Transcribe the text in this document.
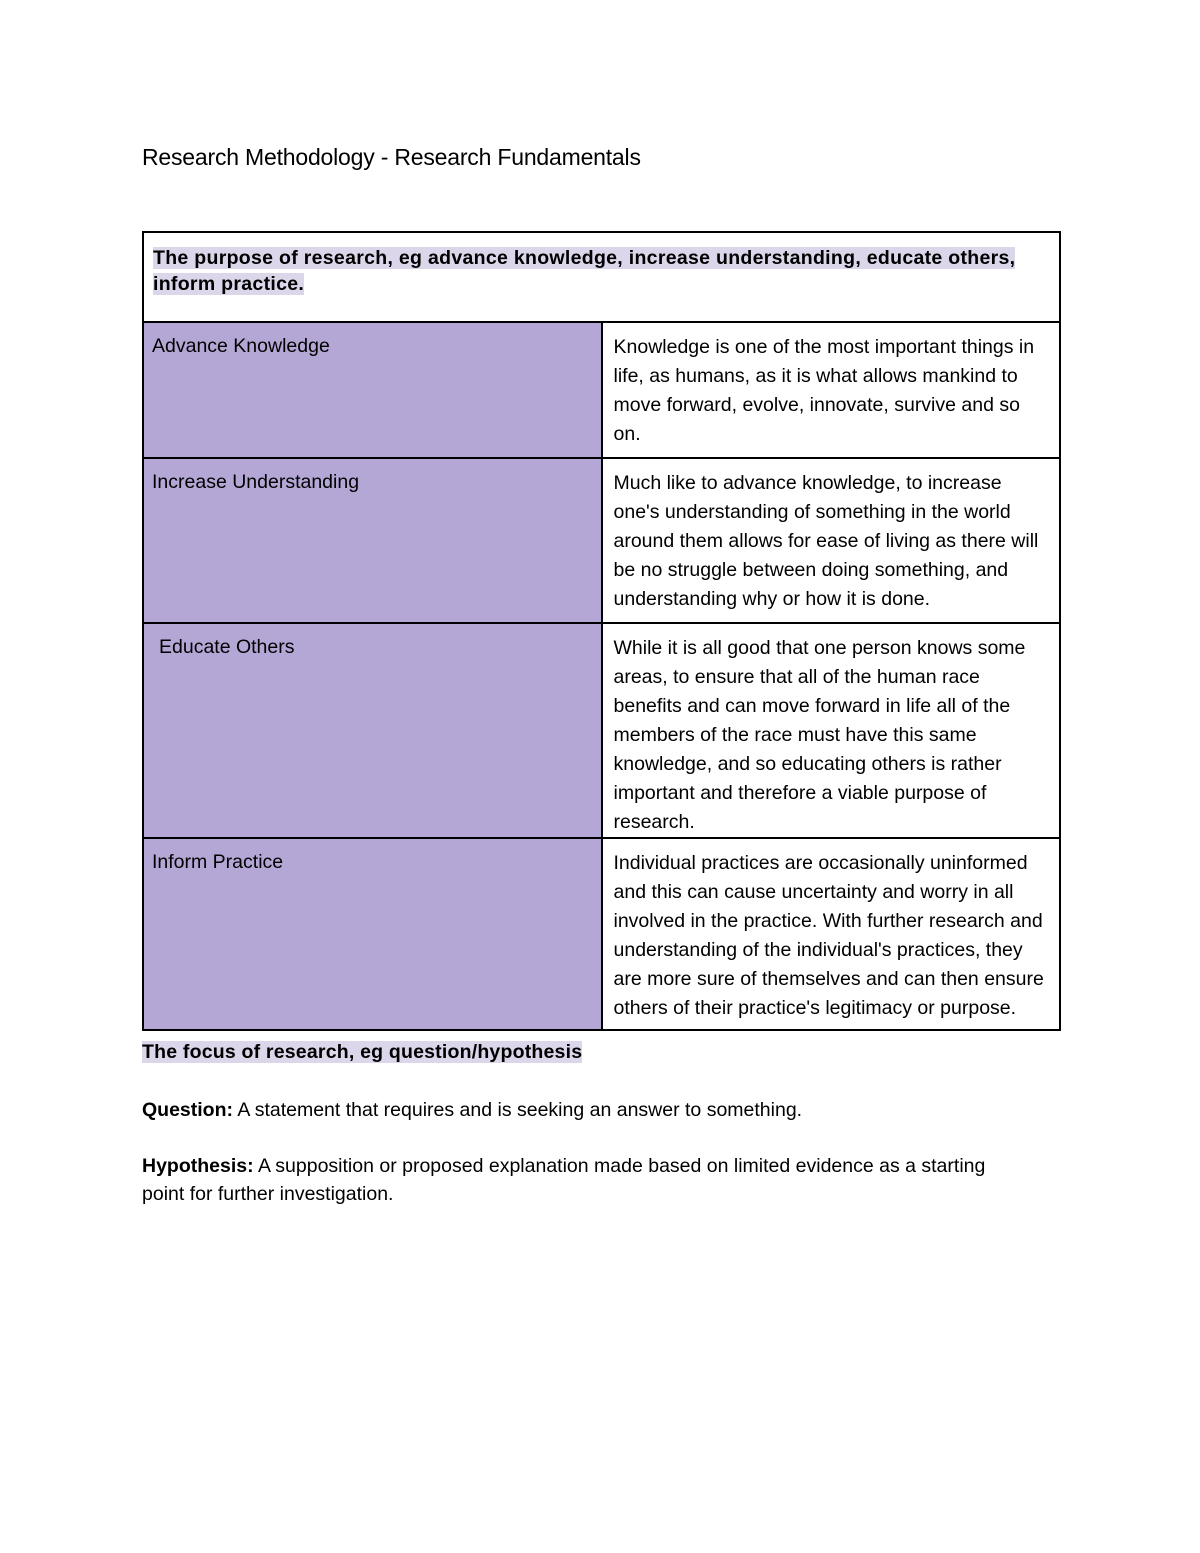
Research Methodology - Research Fundamentals
The purpose of research, eg advance knowledge, increase understanding, educate others, inform practice.	
Advance Knowledge	Knowledge is one of the most important things in life, as humans, as it is what allows mankind to move forward, evolve, innovate, survive and so on.
Increase Understanding	Much like to advance knowledge, to increase one's understanding of something in the world around them allows for ease of living as there will be no struggle between doing something, and understanding why or how it is done.
Educate Others	While it is all good that one person knows some areas, to ensure that all of the human race benefits and can move forward in life all of the members of the race must have this same knowledge, and so educating others is rather important and therefore a viable purpose of research.
Inform Practice	Individual practices are occasionally uninformed and this can cause uncertainty and worry in all involved in the practice. With further research and understanding of the individual's practices, they are more sure of themselves and can then ensure others of their practice's legitimacy or purpose.

The focus of research, eg question/hypothesis

Question: A statement that requires and is seeking an answer to something.

Hypothesis: A supposition or proposed explanation made based on limited evidence as a starting point for further investigation.
